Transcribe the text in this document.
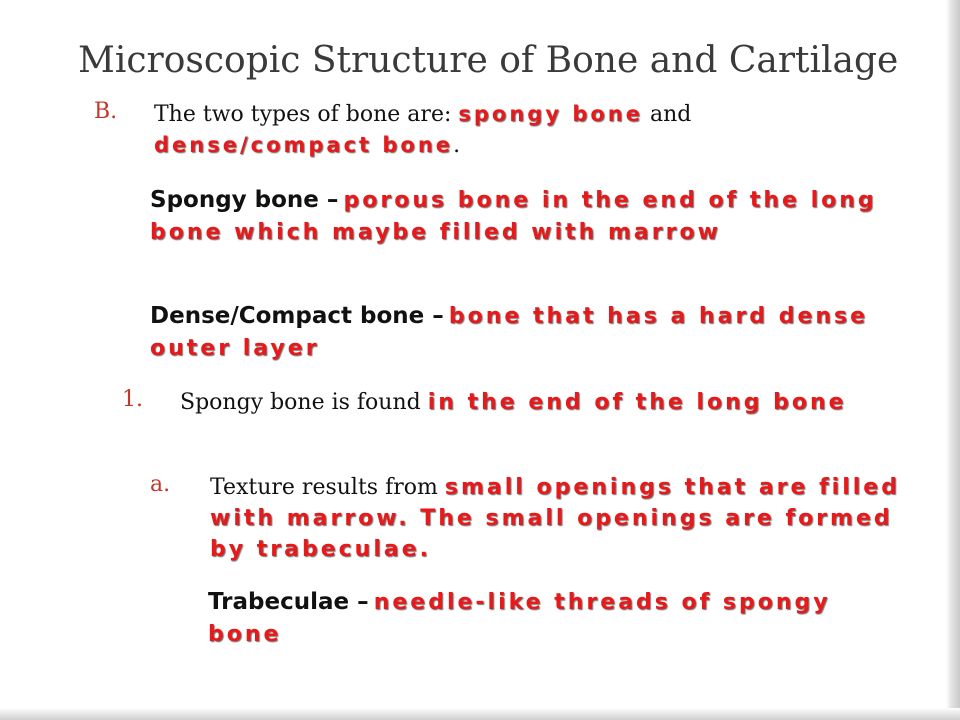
Microscopic Structure of Bone and Cartilage
B. The two types of bone are: spongy bone and dense/compact bone.
Spongy bone – porous bone in the end of the long bone which maybe filled with marrow
Dense/Compact bone – bone that has a hard dense outer layer
1. Spongy bone is found in the end of the long bone
a. Texture results from small openings that are filled with marrow. The small openings are formed by trabeculae.
Trabeculae – needle-like threads of spongy bone
